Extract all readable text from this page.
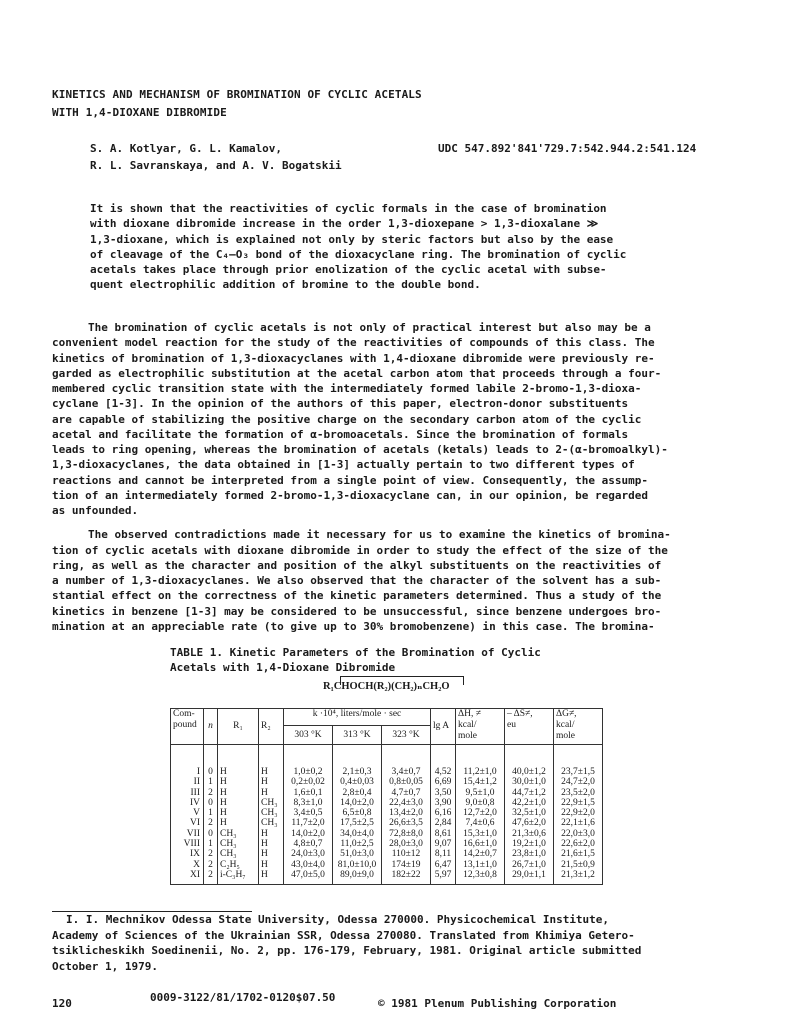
KINETICS AND MECHANISM OF BROMINATION OF CYCLIC ACETALS
WITH 1,4-DIOXANE DIBROMIDE
S. A. Kotlyar, G. L. Kamalov,
R. L. Savranskaya, and A. V. Bogatskii
UDC 547.892'841'729.7:542.944.2:541.124
It is shown that the reactivities of cyclic formals in the case of bromination
with dioxane dibromide increase in the order 1,3-dioxepane > 1,3-dioxalane ≫
1,3-dioxane, which is explained not only by steric factors but also by the ease
of cleavage of the C₄–O₃ bond of the dioxacyclane ring. The bromination of cyclic
acetals takes place through prior enolization of the cyclic acetal with subse-
quent electrophilic addition of bromine to the double bond.
The bromination of cyclic acetals is not only of practical interest but also may be a
convenient model reaction for the study of the reactivities of compounds of this class. The
kinetics of bromination of 1,3-dioxacyclanes with 1,4-dioxane dibromide were previously re-
garded as electrophilic substitution at the acetal carbon atom that proceeds through a four-
membered cyclic transition state with the intermediately formed labile 2-bromo-1,3-dioxa-
cyclane [1-3]. In the opinion of the authors of this paper, electron-donor substituents
are capable of stabilizing the positive charge on the secondary carbon atom of the cyclic
acetal and facilitate the formation of α-bromoacetals. Since the bromination of formals
leads to ring opening, whereas the bromination of acetals (ketals) leads to 2-(α-bromoalkyl)-
1,3-dioxacyclanes, the data obtained in [1-3] actually pertain to two different types of
reactions and cannot be interpreted from a single point of view. Consequently, the assump-
tion of an intermediately formed 2-bromo-1,3-dioxacyclane can, in our opinion, be regarded
as unfounded.
The observed contradictions made it necessary for us to examine the kinetics of bromina-
tion of cyclic acetals with dioxane dibromide in order to study the effect of the size of the
ring, as well as the character and position of the alkyl substituents on the reactivities of
a number of 1,3-dioxacyclanes. We also observed that the character of the solvent has a sub-
stantial effect on the correctness of the kinetic parameters determined. Thus a study of the
kinetics in benzene [1-3] may be considered to be unsuccessful, since benzene undergoes bro-
mination at an appreciable rate (to give up to 30% bromobenzene) in this case. The bromina-
TABLE 1. Kinetic Parameters of the Bromination of Cyclic
Acetals with 1,4-Dioxane Dibromide
R₁CHOCH(R₂)(CH₂)ₙCH₂O
Com-
pound	n	R₁	R₂	k ·10⁴, liters/mole · sec			lg A	ΔH, ≠
kcal/
mole	– ΔS≠,
eu	ΔG≠,
kcal/
mole
				303 °K	313 °K	323 °K				
I	0	H	H	1,0±0,2	2,1±0,3	3,4±0,7	4,52	11,2±1,0	40,0±1,2	23,7±1,5
II	1	H	H	0,2±0,02	0,4±0,03	0,8±0,05	6,69	15,4±1,2	30,0±1,0	24,7±2,0
III	2	H	H	1,6±0,1	2,8±0,4	4,7±0,7	3,50	9,5±1,0	44,7±1,2	23,5±2,0
IV	0	H	CH₃	8,3±1,0	14,0±2,0	22,4±3,0	3,90	9,0±0,8	42,2±1,0	22,9±1,5
V	1	H	CH₃	3,4±0,5	6,5±0,8	13,4±2,0	6,16	12,7±2,0	32,5±1,0	22,9±2,0
VI	2	H	CH₃	11,7±2,0	17,5±2,5	26,6±3,5	2,84	7,4±0,6	47,6±2,0	22,1±1,6
VII	0	CH₃	H	14,0±2,0	34,0±4,0	72,8±8,0	8,61	15,3±1,0	21,3±0,6	22,0±3,0
VIII	1	CH₃	H	4,8±0,7	11,0±2,5	28,0±3,0	9,07	16,6±1,0	19,2±1,0	22,6±2,0
IX	2	CH₃	H	24,0±3,0	51,0±3,0	110±12	8,11	14,2±0,7	23,8±1,0	21,6±1,5
X	2	C₂H₅	H	43,0±4,0	81,0±10,0	174±19	6,47	13,1±1,0	26,7±1,0	21,5±0,9
XI	2	i-C₃H₇	H	47,0±5,0	89,0±9,0	182±22	5,97	12,3±0,8	29,0±1,1	21,3±1,2
I. I. Mechnikov Odessa State University, Odessa 270000. Physicochemical Institute,
Academy of Sciences of the Ukrainian SSR, Odessa 270080. Translated from Khimiya Getero-
tsiklicheskikh Soedinenii, No. 2, pp. 176-179, February, 1981. Original article submitted
October 1, 1979.
120	0009-3122/81/1702-0120$07.50	© 1981 Plenum Publishing Corporation
